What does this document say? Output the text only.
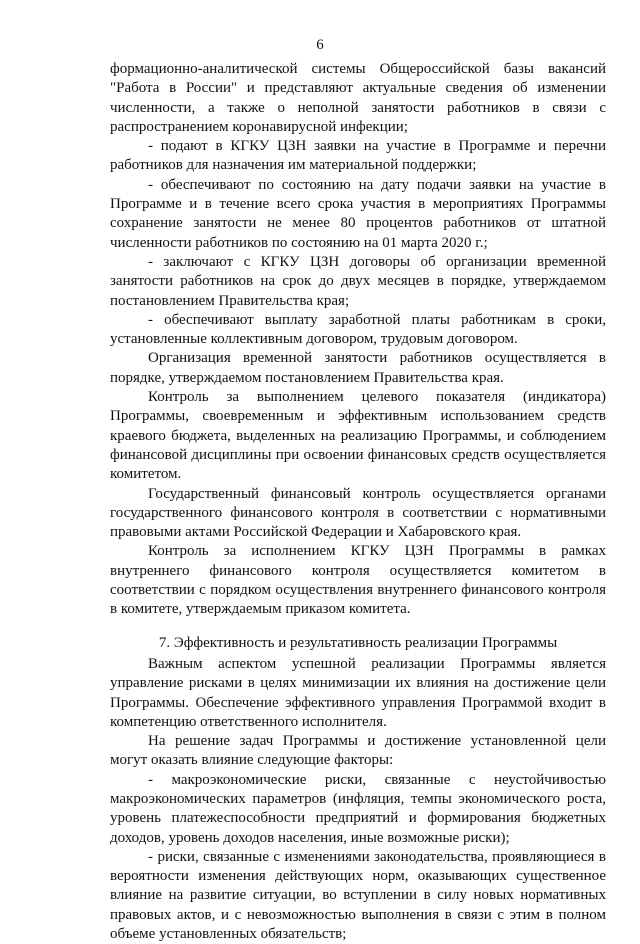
6

формационно-аналитической системы Общероссийской базы вакансий "Работа в России" и представляют актуальные сведения об изменении численности, а также о неполной занятости работников в связи с распространением коронавирусной инфекции;

- подают в КГКУ ЦЗН заявки на участие в Программе и перечни работников для назначения им материальной поддержки;

- обеспечивают по состоянию на дату подачи заявки на участие в Программе и в течение всего срока участия в мероприятиях Программы сохранение занятости не менее 80 процентов работников от штатной численности работников по состоянию на 01 марта 2020 г.;

- заключают с КГКУ ЦЗН договоры об организации временной занятости работников на срок до двух месяцев в порядке, утверждаемом постановлением Правительства края;

- обеспечивают выплату заработной платы работникам в сроки, установленные коллективным договором, трудовым договором.

Организация временной занятости работников осуществляется в порядке, утверждаемом постановлением Правительства края.

Контроль за выполнением целевого показателя (индикатора) Программы, своевременным и эффективным использованием средств краевого бюджета, выделенных на реализацию Программы, и соблюдением финансовой дисциплины при освоении финансовых средств осуществляется комитетом.

Государственный финансовый контроль осуществляется органами государственного финансового контроля в соответствии с нормативными правовыми актами Российской Федерации и Хабаровского края.

Контроль за исполнением КГКУ ЦЗН Программы в рамках внутреннего финансового контроля осуществляется комитетом в соответствии с порядком осуществления внутреннего финансового контроля в комитете, утверждаемым приказом комитета.

7. Эффективность и результативность реализации Программы

Важным аспектом успешной реализации Программы является управление рисками в целях минимизации их влияния на достижение цели Программы. Обеспечение эффективного управления Программой входит в компетенцию ответственного исполнителя.

На решение задач Программы и достижение установленной цели могут оказать влияние следующие факторы:

- макроэкономические риски, связанные с неустойчивостью макроэкономических параметров (инфляция, темпы экономического роста, уровень платежеспособности предприятий и формирования бюджетных доходов, уровень доходов населения, иные возможные риски);

- риски, связанные с изменениями законодательства, проявляющиеся в вероятности изменения действующих норм, оказывающих существенное влияние на развитие ситуации, во вступлении в силу новых нормативных правовых актов, и с невозможностью выполнения в связи с этим в полном объеме установленных обязательств;
